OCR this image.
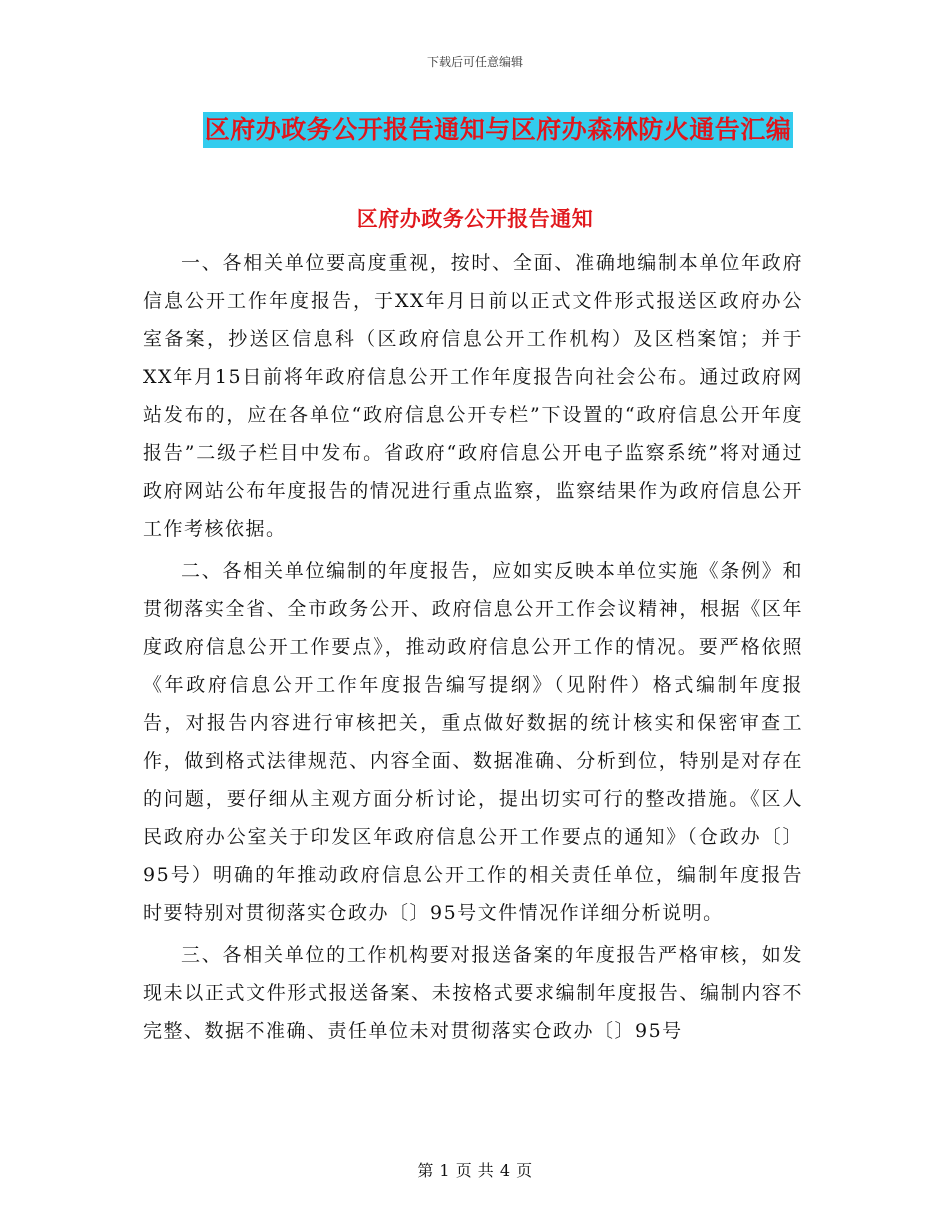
下载后可任意编辑
区府办政务公开报告通知与区府办森林防火通告汇编
区府办政务公开报告通知

一、各相关单位要高度重视，按时、全面、准确地编制本单位年政府信息公开工作年度报告，于XX年月日前以正式文件形式报送区政府办公室备案，抄送区信息科（区政府信息公开工作机构）及区档案馆；并于XX年月15日前将年政府信息公开工作年度报告向社会公布。通过政府网站发布的，应在各单位“政府信息公开专栏”下设置的“政府信息公开年度报告”二级子栏目中发布。省政府“政府信息公开电子监察系统”将对通过政府网站公布年度报告的情况进行重点监察，监察结果作为政府信息公开工作考核依据。

二、各相关单位编制的年度报告，应如实反映本单位实施《条例》和贯彻落实全省、全市政务公开、政府信息公开工作会议精神，根据《区年度政府信息公开工作要点》，推动政府信息公开工作的情况。要严格依照《年政府信息公开工作年度报告编写提纲》（见附件）格式编制年度报告，对报告内容进行审核把关，重点做好数据的统计核实和保密审查工作，做到格式法律规范、内容全面、数据准确、分析到位，特别是对存在的问题，要仔细从主观方面分析讨论，提出切实可行的整改措施。《区人民政府办公室关于印发区年政府信息公开工作要点的通知》（仓政办〔〕95号）明确的年推动政府信息公开工作的相关责任单位，编制年度报告时要特别对贯彻落实仓政办〔〕95号文件情况作详细分析说明。

三、各相关单位的工作机构要对报送备案的年度报告严格审核，如发现未以正式文件形式报送备案、未按格式要求编制年度报告、编制内容不完整、数据不准确、责任单位未对贯彻落实仓政办〔〕95号

第 1 页 共 4 页
